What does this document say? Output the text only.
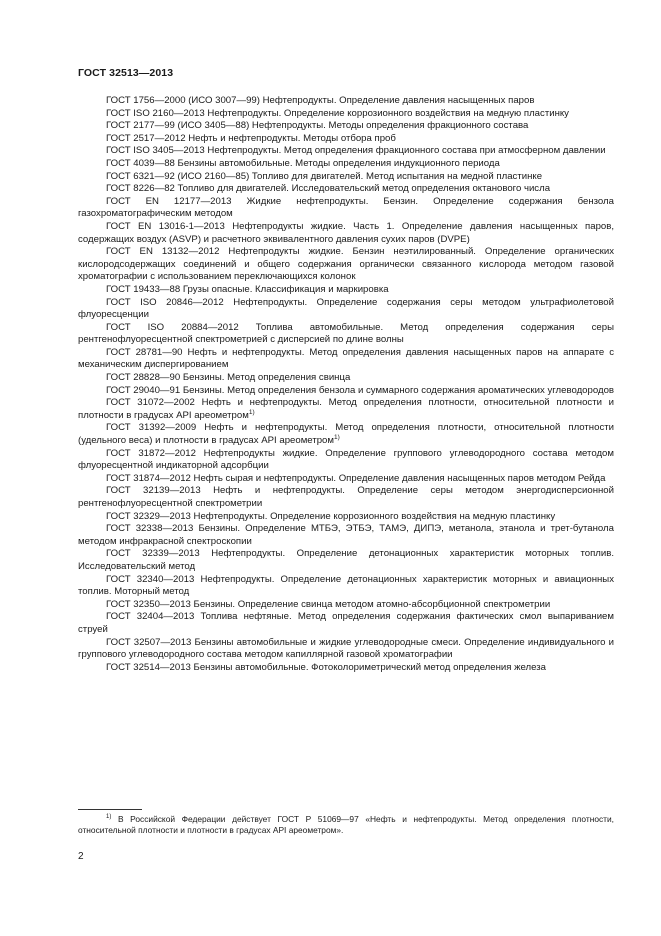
ГОСТ 32513—2013

ГОСТ 1756—2000 (ИСО 3007—99) Нефтепродукты. Определение давления насыщенных паров

ГОСТ ISO 2160—2013 Нефтепродукты. Определение коррозионного воздействия на медную пластинку

ГОСТ 2177—99 (ИСО 3405—88) Нефтепродукты. Методы определения фракционного состава

ГОСТ 2517—2012 Нефть и нефтепродукты. Методы отбора проб

ГОСТ ISO 3405—2013 Нефтепродукты. Метод определения фракционного состава при атмосферном давлении

ГОСТ 4039—88 Бензины автомобильные. Методы определения индукционного периода

ГОСТ 6321—92 (ИСО 2160—85) Топливо для двигателей. Метод испытания на медной пластинке

ГОСТ 8226—82 Топливо для двигателей. Исследовательский метод определения октанового числа

ГОСТ EN 12177—2013 Жидкие нефтепродукты. Бензин. Определение содержания бензола газохроматографическим методом

ГОСТ EN 13016-1—2013 Нефтепродукты жидкие. Часть 1. Определение давления насыщенных паров, содержащих воздух (ASVP) и расчетного эквивалентного давления сухих паров (DVPE)

ГОСТ EN 13132—2012 Нефтепродукты жидкие. Бензин неэтилированный. Определение органических кислородсодержащих соединений и общего содержания органически связанного кислорода методом газовой хроматографии с использованием переключающихся колонок

ГОСТ 19433—88 Грузы опасные. Классификация и маркировка

ГОСТ ISO 20846—2012 Нефтепродукты. Определение содержания серы методом ультрафиолетовой флуоресценции

ГОСТ ISO 20884—2012 Топлива автомобильные. Метод определения содержания серы рентгенофлуоресцентной спектрометрией с дисперсией по длине волны

ГОСТ 28781—90 Нефть и нефтепродукты. Метод определения давления насыщенных паров на аппарате с механическим диспергированием

ГОСТ 28828—90 Бензины. Метод определения свинца

ГОСТ 29040—91 Бензины. Метод определения бензола и суммарного содержания ароматических углеводородов

ГОСТ 31072—2002 Нефть и нефтепродукты. Метод определения плотности, относительной плотности и плотности в градусах API ареометром$^{1)}$

ГОСТ 31392—2009 Нефть и нефтепродукты. Метод определения плотности, относительной плотности (удельного веса) и плотности в градусах API ареометром$^{1)}$

ГОСТ 31872—2012 Нефтепродукты жидкие. Определение группового углеводородного состава методом флуоресцентной индикаторной адсорбции

ГОСТ 31874—2012 Нефть сырая и нефтепродукты. Определение давления насыщенных паров методом Рейда

ГОСТ 32139—2013 Нефть и нефтепродукты. Определение серы методом энергодисперсионной рентгенофлуоресцентной спектрометрии

ГОСТ 32329—2013 Нефтепродукты. Определение коррозионного воздействия на медную пластинку

ГОСТ 32338—2013 Бензины. Определение МТБЭ, ЭТБЭ, ТАМЭ, ДИПЭ, метанола, этанола и трет-бутанола методом инфракрасной спектроскопии

ГОСТ 32339—2013 Нефтепродукты. Определение детонационных характеристик моторных топлив. Исследовательский метод

ГОСТ 32340—2013 Нефтепродукты. Определение детонационных характеристик моторных и авиационных топлив. Моторный метод

ГОСТ 32350—2013 Бензины. Определение свинца методом атомно-абсорбционной спектрометрии

ГОСТ 32404—2013 Топлива нефтяные. Метод определения содержания фактических смол выпариванием струей

ГОСТ 32507—2013 Бензины автомобильные и жидкие углеводородные смеси. Определение индивидуального и группового углеводородного состава методом капиллярной газовой хроматографии

ГОСТ 32514—2013 Бензины автомобильные. Фотоколориметрический метод определения железа

$^{1)}$ В Российской Федерации действует ГОСТ Р 51069—97 «Нефть и нефтепродукты. Метод определения плотности, относительной плотности и плотности в градусах API ареометром».

2
